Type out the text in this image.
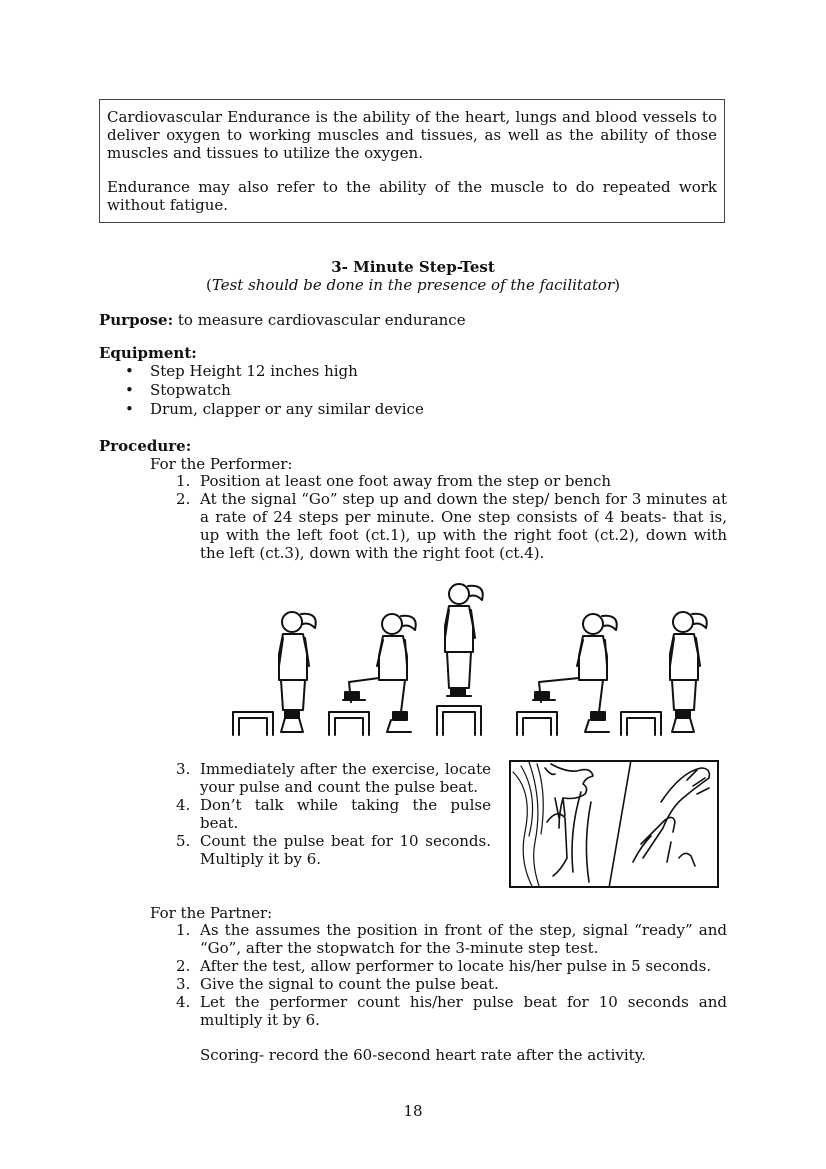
Cardiovascular Endurance is the ability of the heart, lungs and blood vessels to deliver oxygen to working muscles and tissues, as well as the ability of those muscles and tissues to utilize the oxygen.

Endurance may also refer to the ability of the muscle to do repeated work without fatigue.

3- Minute Step-Test
(Test should be done in the presence of the facilitator)
Purpose: to measure cardiovascular endurance
Equipment:
• Step Height 12 inches high
• Stopwatch
• Drum, clapper or any similar device
Procedure:
For the Performer:
1. Position at least one foot away from the step or bench
2. At the signal “Go” step up and down the step/ bench for 3 minutes at a rate of 24 steps per minute. One step consists of 4 beats- that is, up with the left foot (ct.1), up with the right foot (ct.2), down with the left (ct.3), down with the right foot (ct.4).
3. Immediately after the exercise, locate your pulse and count the pulse beat.
4. Don’t talk while taking the pulse beat.
5. Count the pulse beat for 10 seconds. Multiply it by 6.
For the Partner:
1. As the assumes the position in front of the step, signal “ready” and “Go”, after the stopwatch for the 3-minute step test.
2. After the test, allow performer to locate his/her pulse in 5 seconds.
3. Give the signal to count the pulse beat.
4. Let the performer count his/her pulse beat for 10 seconds and multiply it by 6.
Scoring- record the 60-second heart rate after the activity.
18
